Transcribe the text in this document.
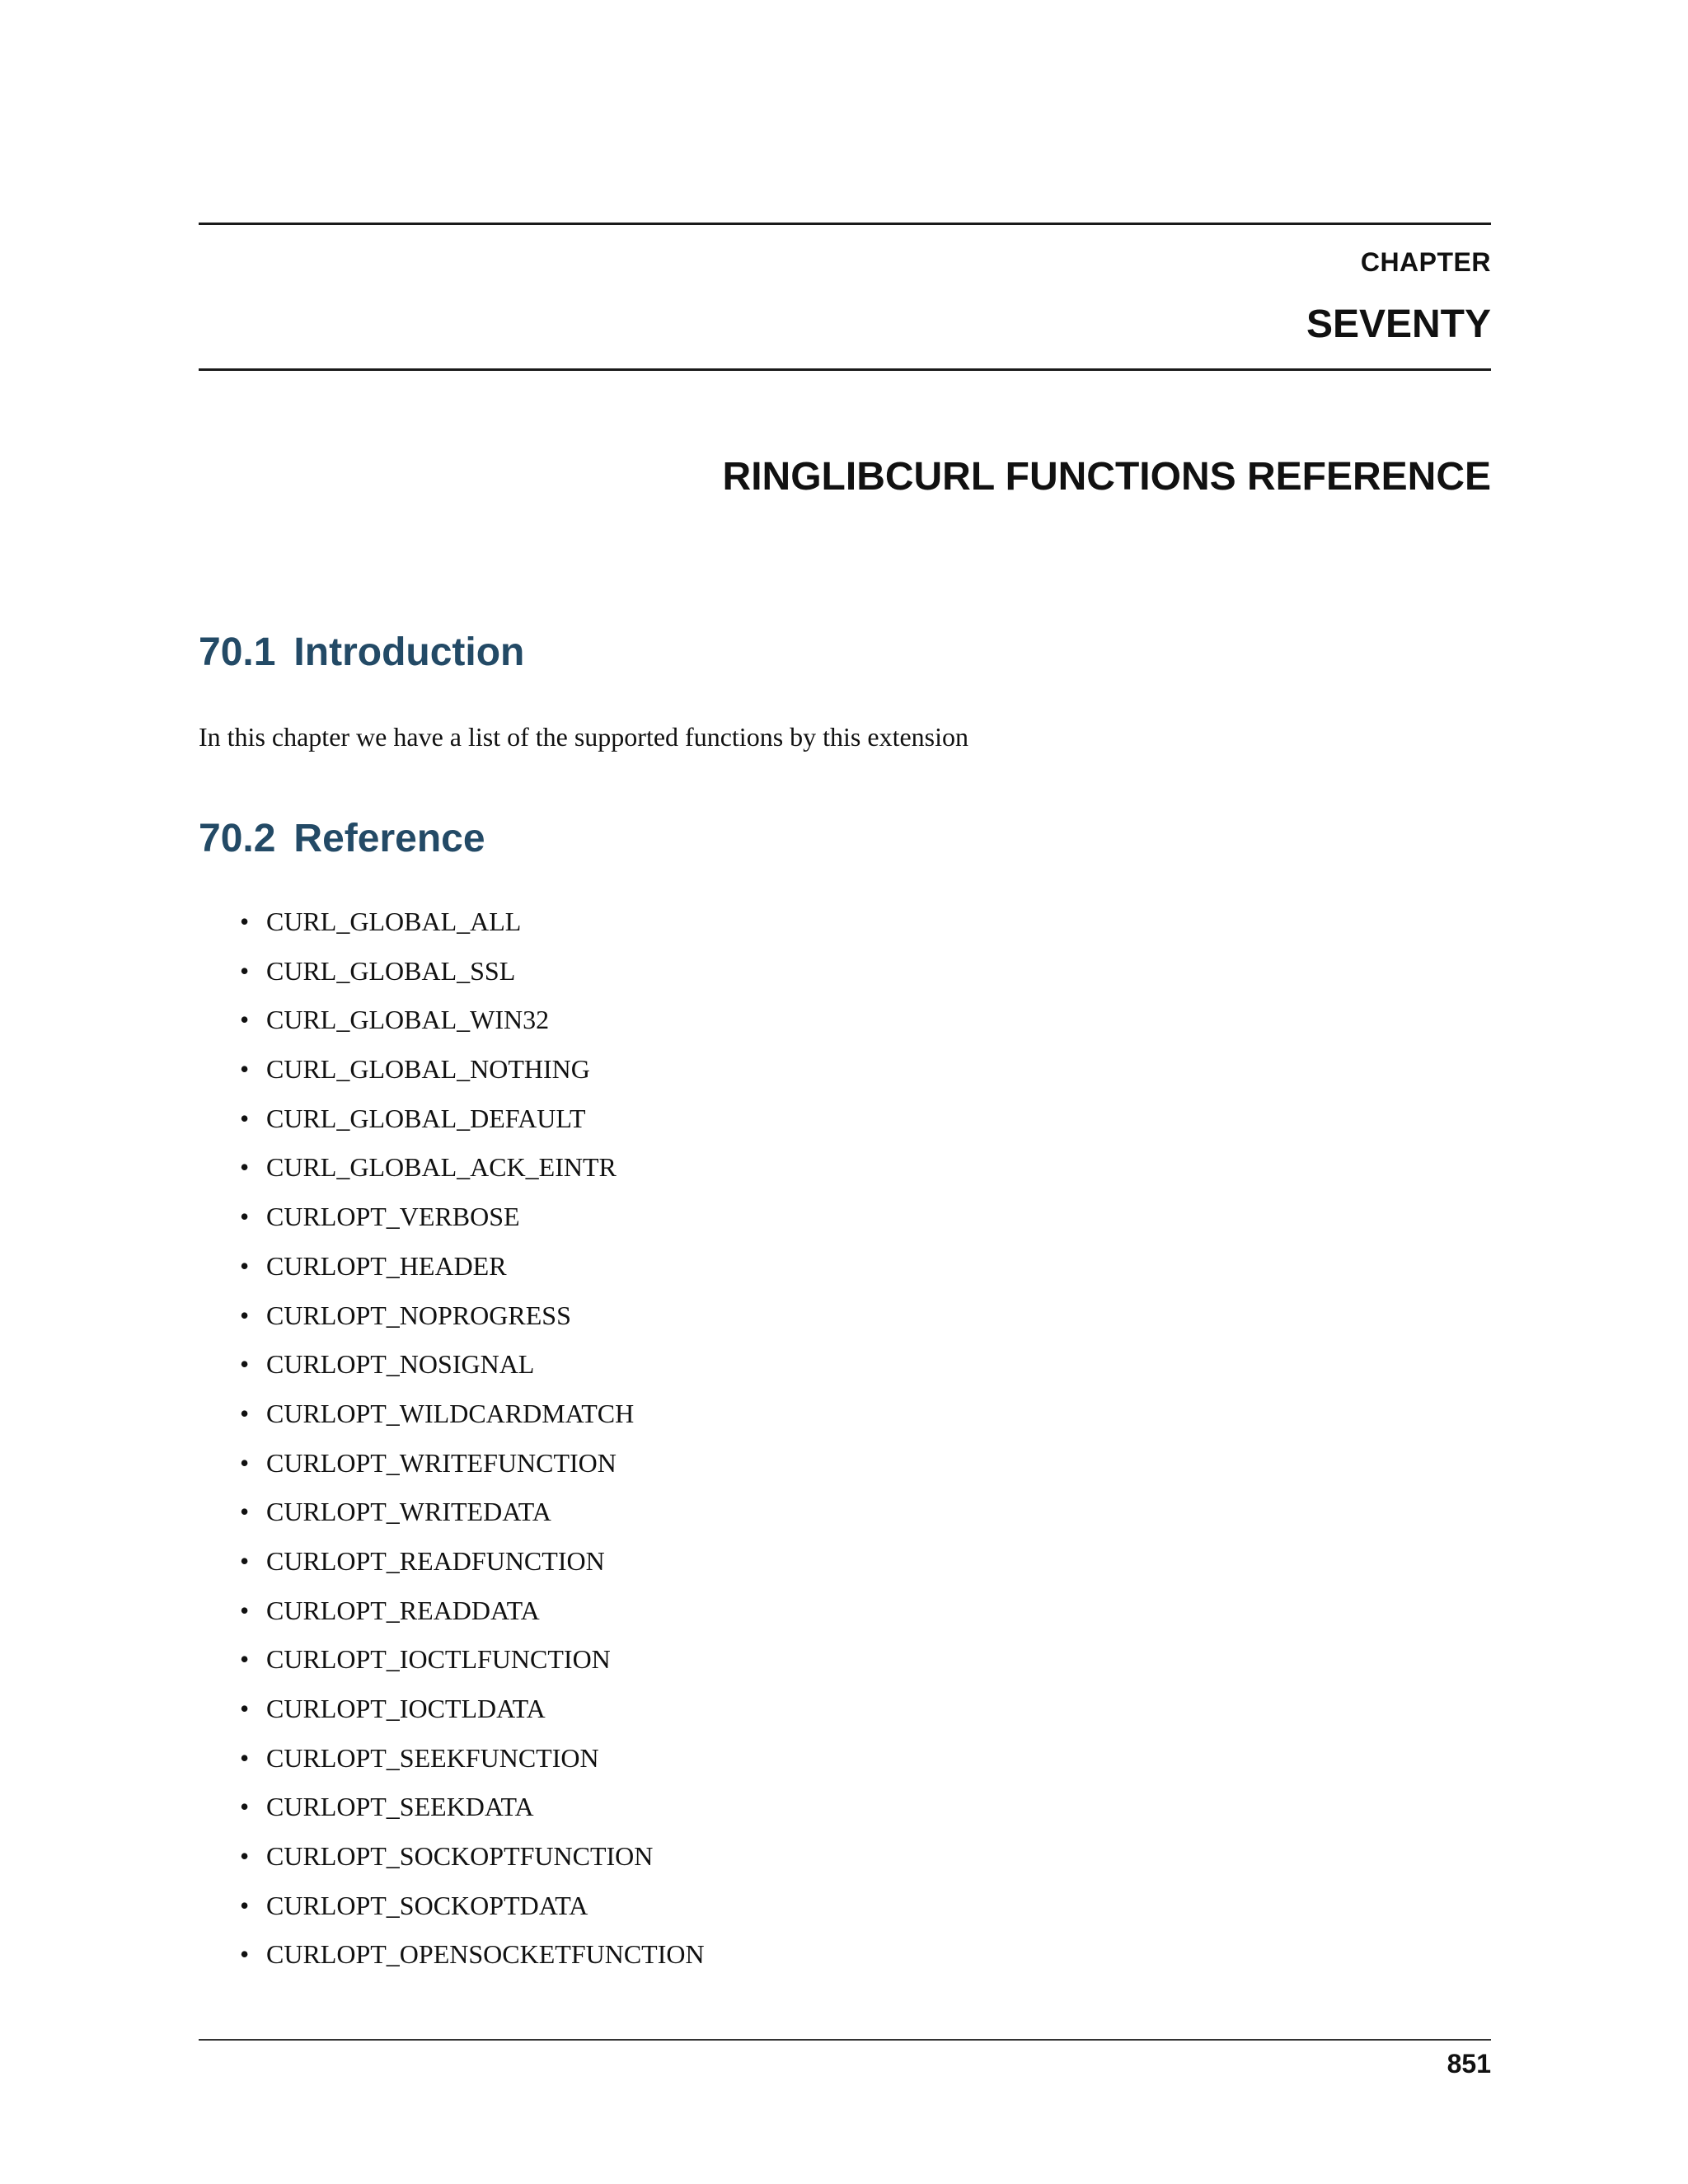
CHAPTER
SEVENTY
RINGLIBCURL FUNCTIONS REFERENCE
70.1 Introduction

In this chapter we have a list of the supported functions by this extension

70.2 Reference
• CURL_GLOBAL_ALL
• CURL_GLOBAL_SSL
• CURL_GLOBAL_WIN32
• CURL_GLOBAL_NOTHING
• CURL_GLOBAL_DEFAULT
• CURL_GLOBAL_ACK_EINTR
• CURLOPT_VERBOSE
• CURLOPT_HEADER
• CURLOPT_NOPROGRESS
• CURLOPT_NOSIGNAL
• CURLOPT_WILDCARDMATCH
• CURLOPT_WRITEFUNCTION
• CURLOPT_WRITEDATA
• CURLOPT_READFUNCTION
• CURLOPT_READDATA
• CURLOPT_IOCTLFUNCTION
• CURLOPT_IOCTLDATA
• CURLOPT_SEEKFUNCTION
• CURLOPT_SEEKDATA
• CURLOPT_SOCKOPTFUNCTION
• CURLOPT_SOCKOPTDATA
• CURLOPT_OPENSOCKETFUNCTION
851
